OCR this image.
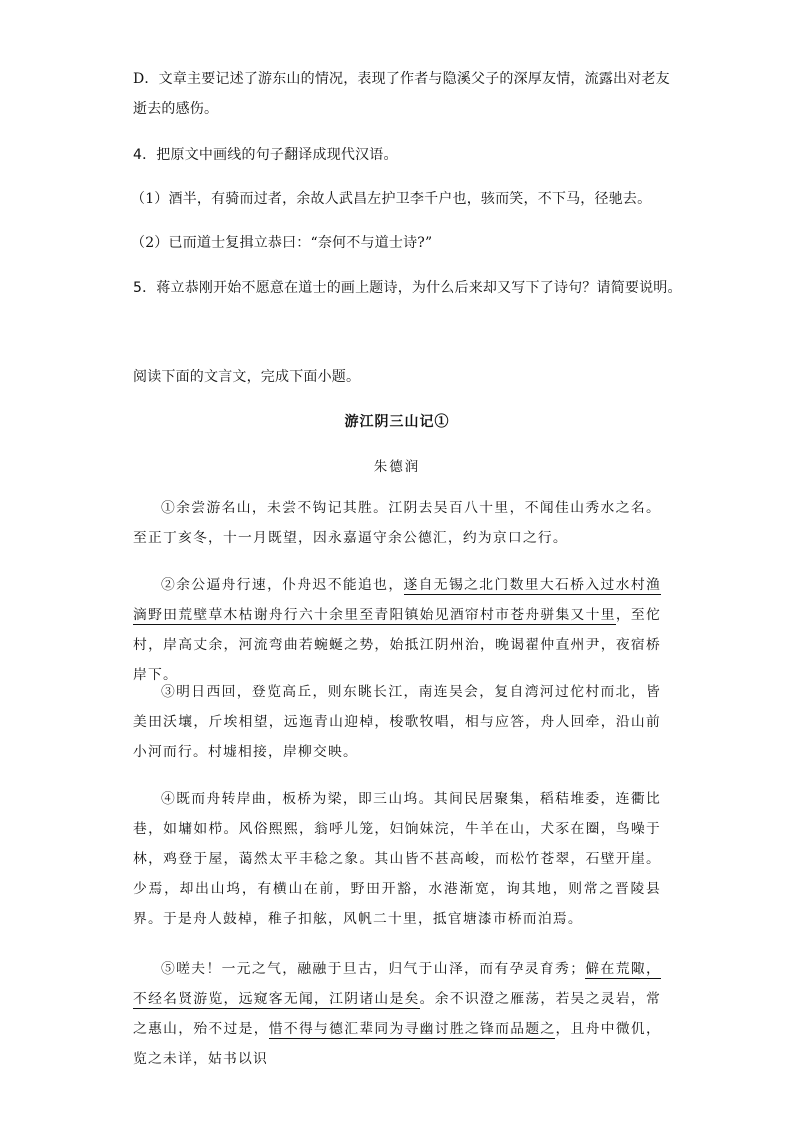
D．文章主要记述了游东山的情况，表现了作者与隐溪父子的深厚友情，流露出对老友
逝去的感伤。
4．把原文中画线的句子翻译成现代汉语。
（1）酒半，有骑而过者，余故人武昌左护卫李千户也，骇而笑，不下马，径驰去。
（2）已而道士复揖立恭曰：“奈何不与道士诗?”
5．蒋立恭刚开始不愿意在道士的画上题诗，为什么后来却又写下了诗句？请简要说明。
阅读下面的文言文，完成下面小题。
游江阴三山记①
朱德润
①余尝游名山，未尝不钩记其胜。江阴去吴百八十里，不闻佳山秀水之名。至正丁亥冬，十一月既望，因永嘉逼守余公德汇，约为京口之行。
②余公逼舟行速，仆舟迟不能追也，遂自无锡之北门数里大石桥入过水村渔滴野田荒壁草木枯谢舟行六十余里至青阳镇始见酒帘村市苍舟骈集又十里，至佗村，岸高丈余，河流弯曲若蜿蜒之势，始抵江阴州治，晚谒翟仲直州尹，夜宿桥岸下。
③明日西回，登览高丘，则东眺长江，南连吴会，复自湾河过佗村而北，皆美田沃壤，斤埃相望，远迤青山迎棹，梭歌牧唱，相与应答，舟人回牵，沿山前小河而行。村墟相接，岸柳交映。
④既而舟转岸曲，板桥为梁，即三山坞。其间民居聚集，稻秸堆委，连衢比巷，如墉如栉。风俗熙熙，翁呼儿笼，妇饷妹浣，牛羊在山，犬豕在圈，鸟噪于林，鸡登于屋，蔼然太平丰稔之象。其山皆不甚高峻，而松竹苍翠，石壁开崖。少焉，却出山坞，有横山在前，野田开豁，水港渐宽，询其地，则常之晋陵县界。于是舟人鼓棹，稚子扣舷，风帆二十里，抵官塘漆市桥而泊焉。
⑤嗟夫！一元之气，融融于旦古，归气于山泽，而有孕灵育秀；僻在荒陬，不经名贤游览，远窥客无闻，江阴诸山是矣。余不识澄之雁荡，若吴之灵岩，常之惠山，殆不过是，惜不得与德汇辈同为寻幽讨胜之锋而品题之，且舟中微仉，览之未详，姑书以识
